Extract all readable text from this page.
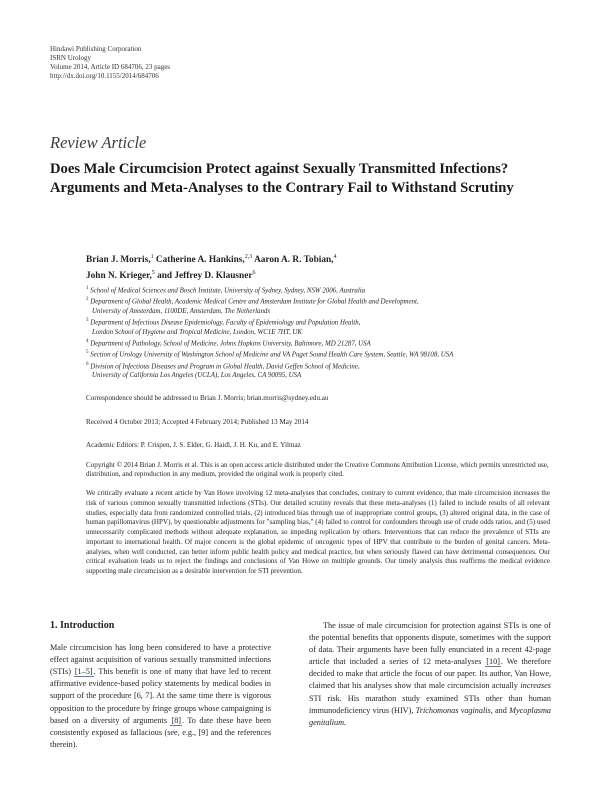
Hindawi Publishing Corporation
ISRN Urology
Volume 2014, Article ID 684706, 23 pages
http://dx.doi.org/10.1155/2014/684706
Review Article
Does Male Circumcision Protect against Sexually Transmitted Infections? Arguments and Meta-Analyses to the Contrary Fail to Withstand Scrutiny
Brian J. Morris,$^1$ Catherine A. Hankins,$^{2,3}$ Aaron A. R. Tobian,$^4$
John N. Krieger,$^5$ and Jeffrey D. Klausner$^6$
$^1$ School of Medical Sciences and Bosch Institute, University of Sydney, Sydney, NSW 2006, Australia
$^2$ Department of Global Health, Academic Medical Centre and Amsterdam Institute for Global Health and Development,
University of Amsterdam, 1100DE, Amsterdam, The Netherlands
$^3$ Department of Infectious Disease Epidemiology, Faculty of Epidemiology and Population Health,
London School of Hygiene and Tropical Medicine, London, WC1E 7HT, UK
$^4$ Department of Pathology, School of Medicine, Johns Hopkins University, Baltimore, MD 21287, USA
$^5$ Section of Urology University of Washington School of Medicine and VA Puget Sound Health Care System, Seattle, WA 98108, USA
$^6$ Division of Infectious Diseases and Program in Global Health, David Geffen School of Medicine,
University of California Los Angeles (UCLA), Los Angeles, CA 90095, USA
Correspondence should be addressed to Brian J. Morris; brian.morris@sydney.edu.au
Received 4 October 2013; Accepted 4 February 2014; Published 13 May 2014
Academic Editors: P. Crispen, J. S. Elder, G. Haidl, J. H. Ku, and E. Yilmaz
Copyright © 2014 Brian J. Morris et al. This is an open access article distributed under the Creative Commons Attribution License, which permits unrestricted use, distribution, and reproduction in any medium, provided the original work is properly cited.
We critically evaluate a recent article by Van Howe involving 12 meta-analyses that concludes, contrary to current evidence, that male circumcision increases the risk of various common sexually transmitted infections (STIs). Our detailed scrutiny reveals that these meta-analyses (1) failed to include results of all relevant studies, especially data from randomized controlled trials, (2) introduced bias through use of inappropriate control groups, (3) altered original data, in the case of human papillomavirus (HPV), by questionable adjustments for "sampling bias," (4) failed to control for confounders through use of crude odds ratios, and (5) used unnecessarily complicated methods without adequate explanation, so impeding replication by others. Interventions that can reduce the prevalence of STIs are important to international health. Of major concern is the global epidemic of oncogenic types of HPV that contribute to the burden of genital cancers. Meta-analyses, when well conducted, can better inform public health policy and medical practice, but when seriously flawed can have detrimental consequences. Our critical evaluation leads us to reject the findings and conclusions of Van Howe on multiple grounds. Our timely analysis thus reaffirms the medical evidence supporting male circumcision as a desirable intervention for STI prevention.
1. Introduction

Male circumcision has long been considered to have a protective effect against acquisition of various sexually transmitted infections (STIs) [1–5]. This benefit is one of many that have led to recent affirmative evidence-based policy statements by medical bodies in support of the procedure [6, 7]. At the same time there is vigorous opposition to the procedure by fringe groups whose campaigning is based on a diversity of arguments [8]. To date these have been consistently exposed as fallacious (see, e.g., [9] and the references therein).

The issue of male circumcision for protection against STIs is one of the potential benefits that opponents dispute, sometimes with the support of data. Their arguments have been fully enunciated in a recent 42-page article that included a series of 12 meta-analyses [10]. We therefore decided to make that article the focus of our paper. Its author, Van Howe, claimed that his analyses show that male circumcision actually increases STI risk. His marathon study examined STIs other than human immunodeficiency virus (HIV), Trichomonas vaginalis, and Mycoplasma genitalium.
